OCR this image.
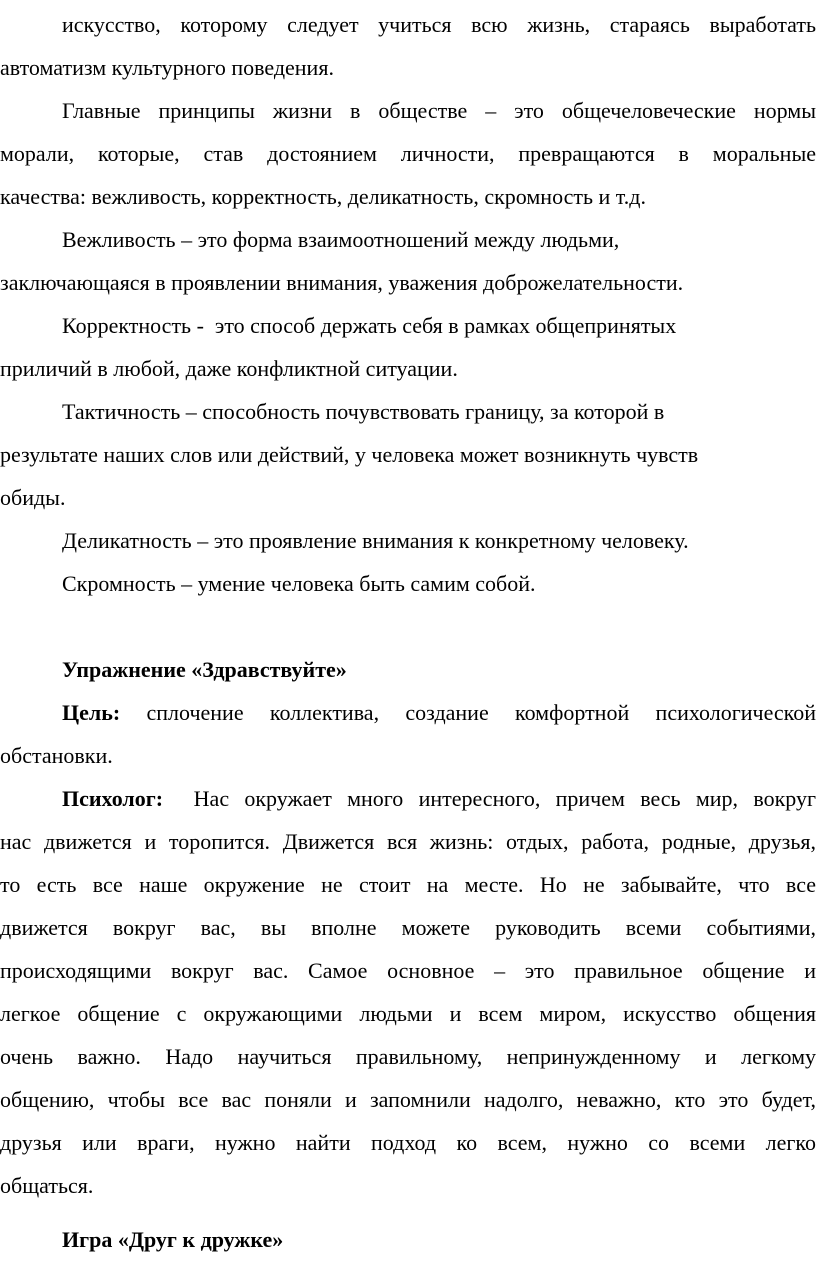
искусство, которому следует учиться всю жизнь, стараясь выработать
автоматизм культурного поведения.
Главные принципы жизни в обществе – это общечеловеческие нормы
морали, которые, став достоянием личности, превращаются в моральные
качества: вежливость, корректность, деликатность, скромность и т.д.
Вежливость – это форма взаимоотношений между людьми,
заключающаяся в проявлении внимания, уважения доброжелательности.
Корректность -  это способ держать себя в рамках общепринятых
приличий в любой, даже конфликтной ситуации.
Тактичность – способность почувствовать границу, за которой в
результате наших слов или действий, у человека может возникнуть чувств
обиды.
Деликатность – это проявление внимания к конкретному человеку.
Скромность – умение человека быть самим собой.
Упражнение «Здравствуйте»
Цель: сплочение коллектива, создание комфортной психологической
обстановки.
Психолог:  Нас окружает много интересного, причем весь мир, вокруг
нас движется и торопится. Движется вся жизнь: отдых, работа, родные, друзья,
то есть все наше окружение не стоит на месте. Но не забывайте, что все
движется вокруг вас, вы вполне можете руководить всеми событиями,
происходящими вокруг вас. Самое основное – это правильное общение и
легкое общение с окружающими людьми и всем миром, искусство общения
очень важно. Надо научиться правильному, непринужденному и легкому
общению, чтобы все вас поняли и запомнили надолго, неважно, кто это будет,
друзья или враги, нужно найти подход ко всем, нужно со всеми легко
общаться.
Игра «Друг к дружке»
